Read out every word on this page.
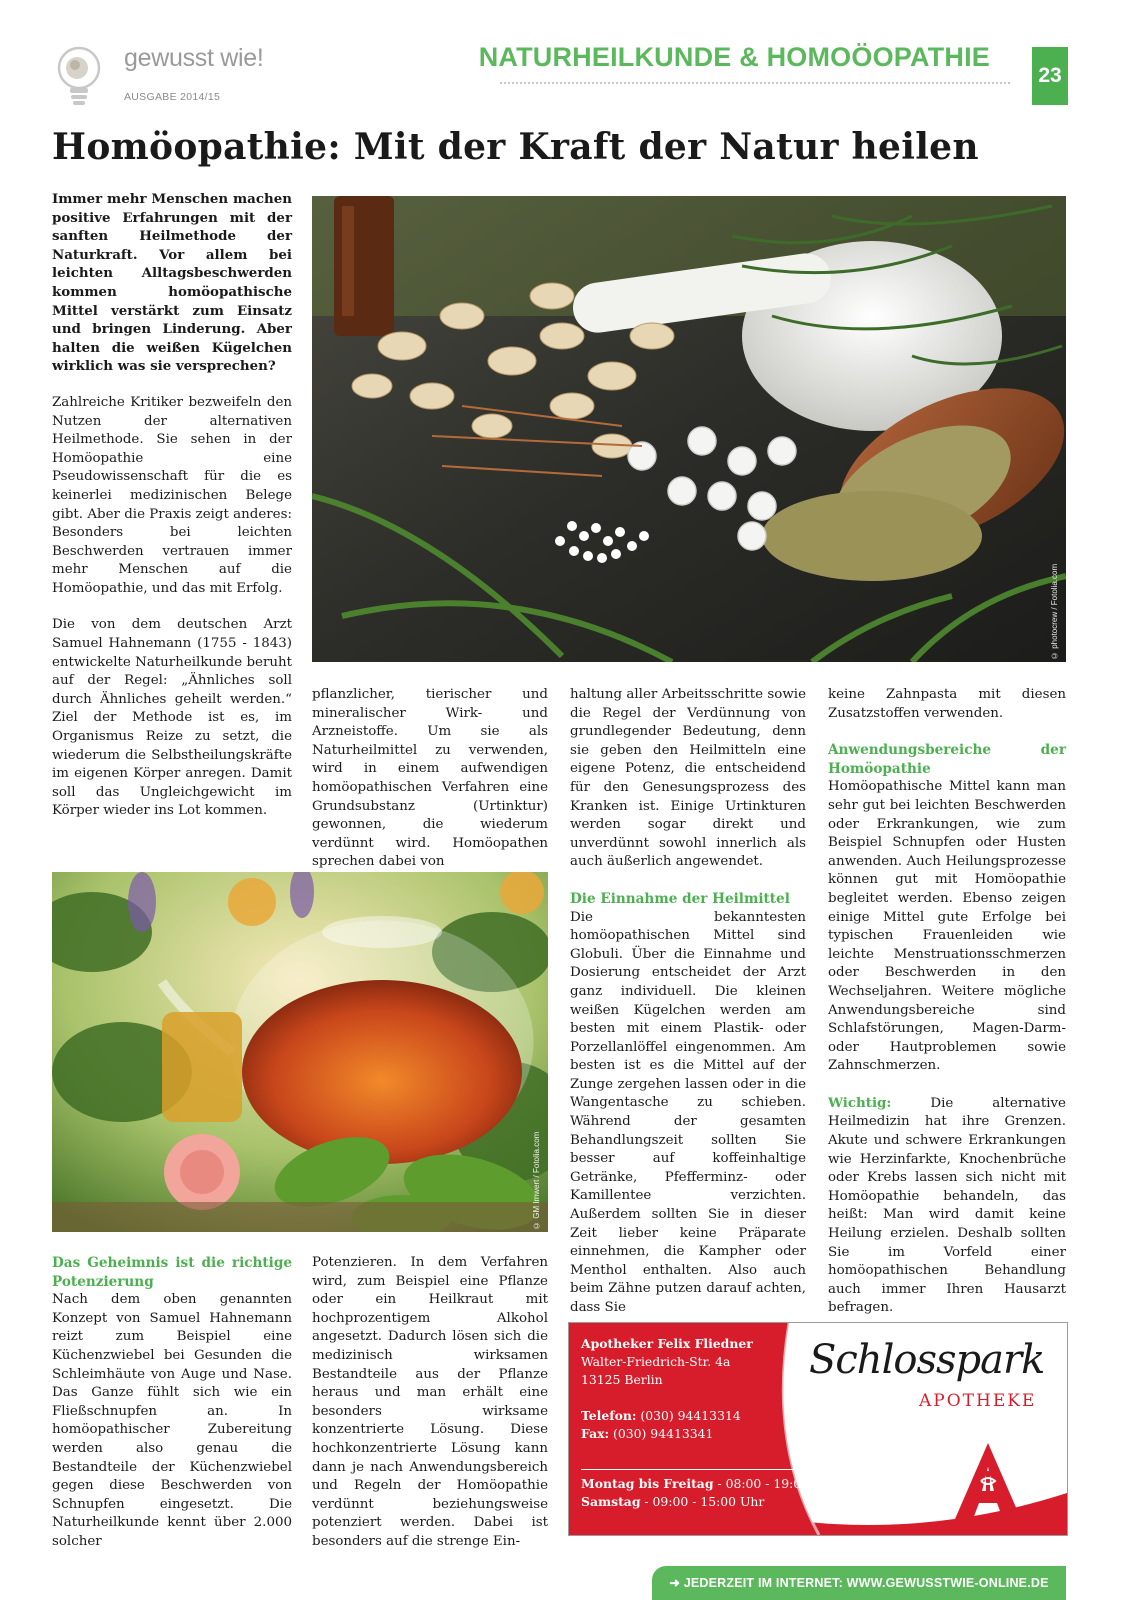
gewusst wie!
AUSGABE 2014/15
NATURHEILKUNDE & HOMOÖOPATHIE
23
Homöopathie: Mit der Kraft der Natur heilen

Immer mehr Menschen machen positive Erfahrungen mit der sanften Heilmethode der Naturkraft. Vor allem bei leichten Alltagsbeschwerden kommen homöopathische Mittel verstärkt zum Einsatz und bringen Linderung. Aber halten die weißen Kügelchen wirklich was sie versprechen?

Zahlreiche Kritiker bezweifeln den Nutzen der alternativen Heilmethode. Sie sehen in der Homöopathie eine Pseudowissenschaft für die es keinerlei medizinischen Belege gibt. Aber die Praxis zeigt anderes: Besonders bei leichten Beschwerden vertrauen immer mehr Menschen auf die Homöopathie, und das mit Erfolg.

Die von dem deutschen Arzt Samuel Hahnemann (1755 - 1843) entwickelte Naturheilkunde beruht auf der Regel: „Ähnliches soll durch Ähnliches geheilt werden.“ Ziel der Methode ist es, im Organismus Reize zu setzt, die wiederum die Selbstheilungskräfte im eigenen Körper anregen. Damit soll das Ungleichgewicht im Körper wieder ins Lot kommen.

© photocrew / Fotolia.com

pflanzlicher, tierischer und mineralischer Wirk- und Arzneistoffe. Um sie als Naturheilmittel zu verwenden, wird in einem aufwendigen homöopathischen Verfahren eine Grundsubstanz (Urtinktur) gewonnen, die wiederum verdünnt wird. Homöopathen sprechen dabei von

haltung aller Arbeitsschritte sowie die Regel der Verdünnung von grundlegender Bedeutung, denn sie geben den Heilmitteln eine eigene Potenz, die entscheidend für den Genesungsprozess des Kranken ist. Einige Urtinkturen werden sogar direkt und unverdünnt sowohl innerlich als auch äußerlich angewendet.

Die Einnahme der Heilmittel

Die bekanntesten homöopathischen Mittel sind Globuli. Über die Einnahme und Dosierung entscheidet der Arzt ganz individuell. Die kleinen weißen Kügelchen werden am besten mit einem Plastik- oder Porzellanlöffel eingenommen. Am besten ist es die Mittel auf der Zunge zergehen lassen oder in die Wangentasche zu schieben. Während der gesamten Behandlungszeit sollten Sie besser auf koffeinhaltige Getränke, Pfefferminz- oder Kamillentee verzichten. Außerdem sollten Sie in dieser Zeit lieber keine Präparate einnehmen, die Kampher oder Menthol enthalten. Also auch beim Zähne putzen darauf achten, dass Sie

keine Zahnpasta mit diesen Zusatzstoffen verwenden.

Anwendungsbereiche der Homöopathie

Homöopathische Mittel kann man sehr gut bei leichten Beschwerden oder Erkrankungen, wie zum Beispiel Schnupfen oder Husten anwenden. Auch Heilungsprozesse können gut mit Homöopathie begleitet werden. Ebenso zeigen einige Mittel gute Erfolge bei typischen Frauenleiden wie leichte Menstruationsschmerzen oder Beschwerden in den Wechseljahren. Weitere mögliche Anwendungsbereiche sind Schlafstörungen, Magen-Darm- oder Hautproblemen sowie Zahnschmerzen.

Wichtig: Die alternative Heilmedizin hat ihre Grenzen. Akute und schwere Erkrankungen wie Herzinfarkte, Knochenbrüche oder Krebs lassen sich nicht mit Homöopathie behandeln, das heißt: Man wird damit keine Heilung erzielen. Deshalb sollten Sie im Vorfeld einer homöopathischen Behandlung auch immer Ihren Hausarzt befragen.

© GM Imwert / Fotolia.com
Das Geheimnis ist die richtige Potenzierung

Nach dem oben genannten Konzept von Samuel Hahnemann reizt zum Beispiel eine Küchenzwiebel bei Gesunden die Schleimhäute von Auge und Nase. Das Ganze fühlt sich wie ein Fließschnupfen an. In homöopathischer Zubereitung werden also genau die Bestandteile der Küchenzwiebel gegen diese Beschwerden von Schnupfen eingesetzt. Die Naturheilkunde kennt über 2.000 solcher

Potenzieren. In dem Verfahren wird, zum Beispiel eine Pflanze oder ein Heilkraut mit hochprozentigem Alkohol angesetzt. Dadurch lösen sich die medizinisch wirksamen Bestandteile aus der Pflanze heraus und man erhält eine besonders wirksame konzentrierte Lösung. Diese hochkonzentrierte Lösung kann dann je nach Anwendungsbereich und Regeln der Homöopathie verdünnt beziehungsweise potenziert werden. Dabei ist besonders auf die strenge Ein-

Apotheker Felix Fliedner
Walter-Friedrich-Str. 4a
13125 Berlin
Telefon: (030) 94413314
Fax: (030) 94413341
Montag bis Freitag - 08:00 - 19:00 Uhr
Samstag - 09:00 - 15:00 Uhr
Schlosspark
APOTHEKE
➜ JEDERZEIT IM INTERNET: WWW.GEWUSSTWIE-ONLINE.DE
